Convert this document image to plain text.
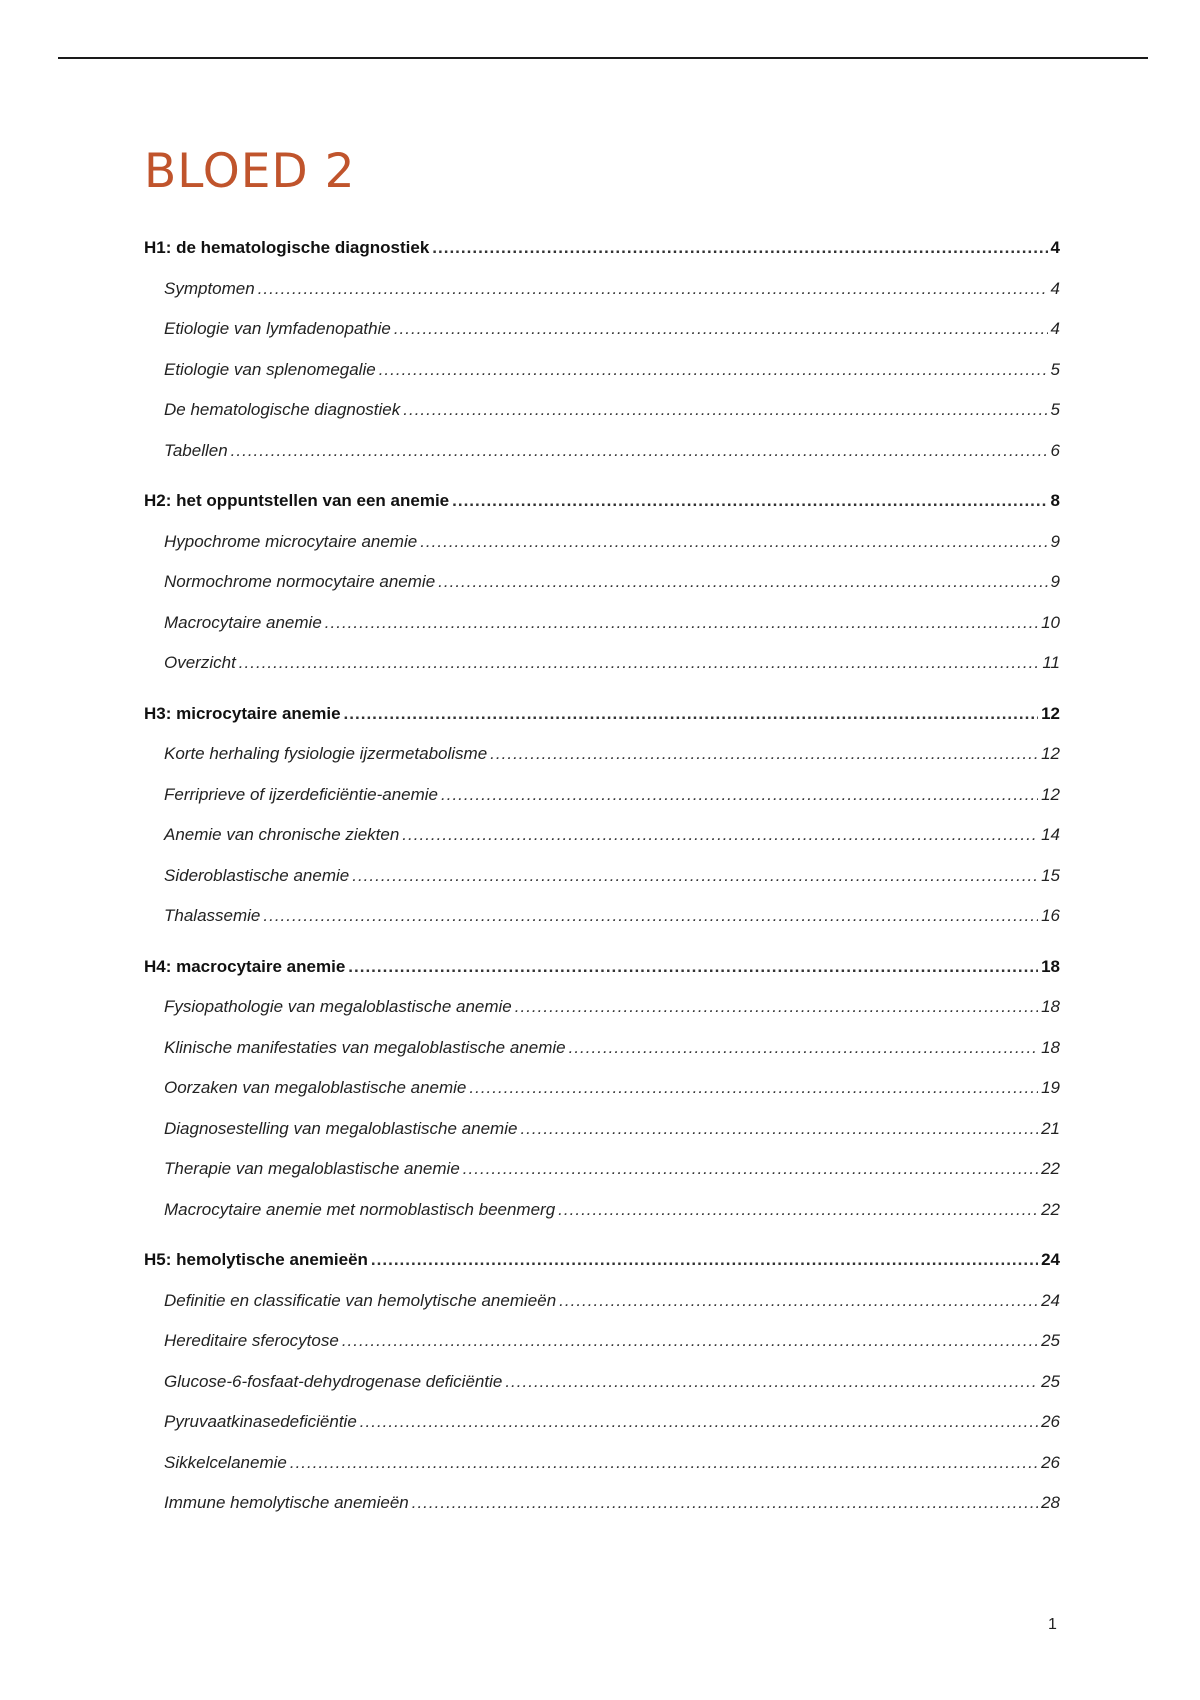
BLOED 2
H1: de hematologische diagnostiek .....	4
Symptomen .....	4
Etiologie van lymfadenopathie .....	4
Etiologie van splenomegalie .....	5
De hematologische diagnostiek .....	5
Tabellen .....	6
H2: het oppuntstellen van een anemie .....	8
Hypochrome microcytaire anemie .....	9
Normochrome normocytaire anemie .....	9
Macrocytaire anemie .....	10
Overzicht .....	11
H3: microcytaire anemie .....	12
Korte herhaling fysiologie ijzermetabolisme .....	12
Ferriprieve of ijzerdeficiëntie-anemie .....	12
Anemie van chronische ziekten .....	14
Sideroblastische anemie .....	15
Thalassemie .....	16
H4: macrocytaire anemie .....	18
Fysiopathologie van megaloblastische anemie .....	18
Klinische manifestaties van megaloblastische anemie .....	18
Oorzaken van megaloblastische anemie .....	19
Diagnosestelling van megaloblastische anemie .....	21
Therapie van megaloblastische anemie .....	22
Macrocytaire anemie met normoblastisch beenmerg .....	22
H5: hemolytische anemieën .....	24
Definitie en classificatie van hemolytische anemieën .....	24
Hereditaire sferocytose .....	25
Glucose-6-fosfaat-dehydrogenase deficiëntie .....	25
Pyruvaatkinasedeficiëntie .....	26
Sikkelcelanemie .....	26
Immune hemolytische anemieën .....	28
1
